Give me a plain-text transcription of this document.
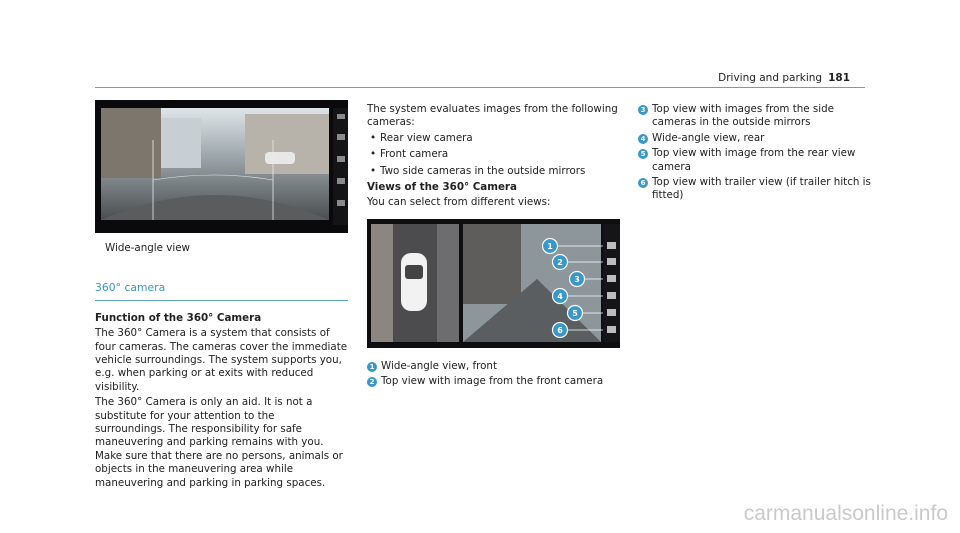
Driving and parking 181
Wide-angle view
360° camera

Function of the 360° Camera

The 360° Camera is a system that consists of four cameras. The cameras cover the immediate vehicle surroundings. The system supports you, e.g. when parking or at exits with reduced visibility.

The 360° Camera is only an aid. It is not a substitute for your attention to the surroundings. The responsibility for safe maneuvering and parking remains with you. Make sure that there are no persons, animals or objects in the maneuvering area while maneuvering and parking in parking spaces.

The system evaluates images from the following cameras:

• Rear view camera
• Front camera
• Two side cameras in the outside mirrors

Views of the 360° Camera

You can select from different views:

1
2
3
4
5
6
1 Wide-angle view, front
2 Top view with image from the front camera
3 Top view with images from the side cameras in the outside mirrors
4 Wide-angle view, rear
5 Top view with image from the rear view camera
6 Top view with trailer view (if trailer hitch is fitted)
carmanualsonline.info
